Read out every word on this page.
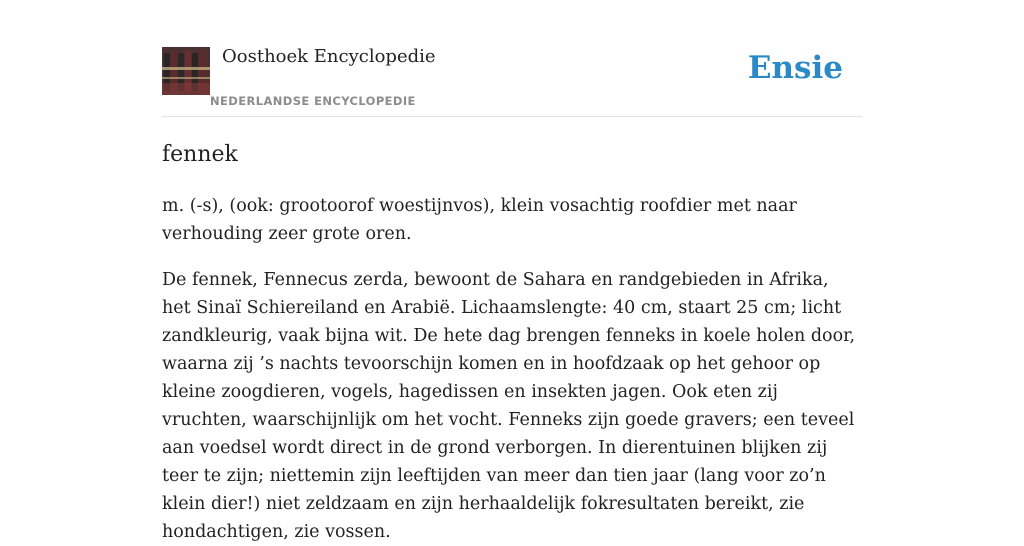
Oosthoek Encyclopedie
NEDERLANDSE ENCYCLOPEDIE
Ensie
fennek

m. (-s), (ook: grootoorof woestijnvos), klein vosachtig roofdier met naar verhouding zeer grote oren.

De fennek, Fennecus zerda, bewoont de Sahara en randgebieden in Afrika, het Sinaï Schiereiland en Arabië. Lichaamslengte: 40 cm, staart 25 cm; licht zandkleurig, vaak bijna wit. De hete dag brengen fenneks in koele holen door, waarna zij ’s nachts tevoorschijn komen en in hoofdzaak op het gehoor op kleine zoogdieren, vogels, hagedissen en insekten jagen. Ook eten zij vruchten, waarschijnlijk om het vocht. Fenneks zijn goede gravers; een teveel aan voedsel wordt direct in de grond verborgen. In dierentuinen blijken zij teer te zijn; niettemin zijn leeftijden van meer dan tien jaar (lang voor zo’n klein dier!) niet zeldzaam en zijn herhaaldelijk fokresultaten bereikt, zie hondachtigen, zie vossen.
